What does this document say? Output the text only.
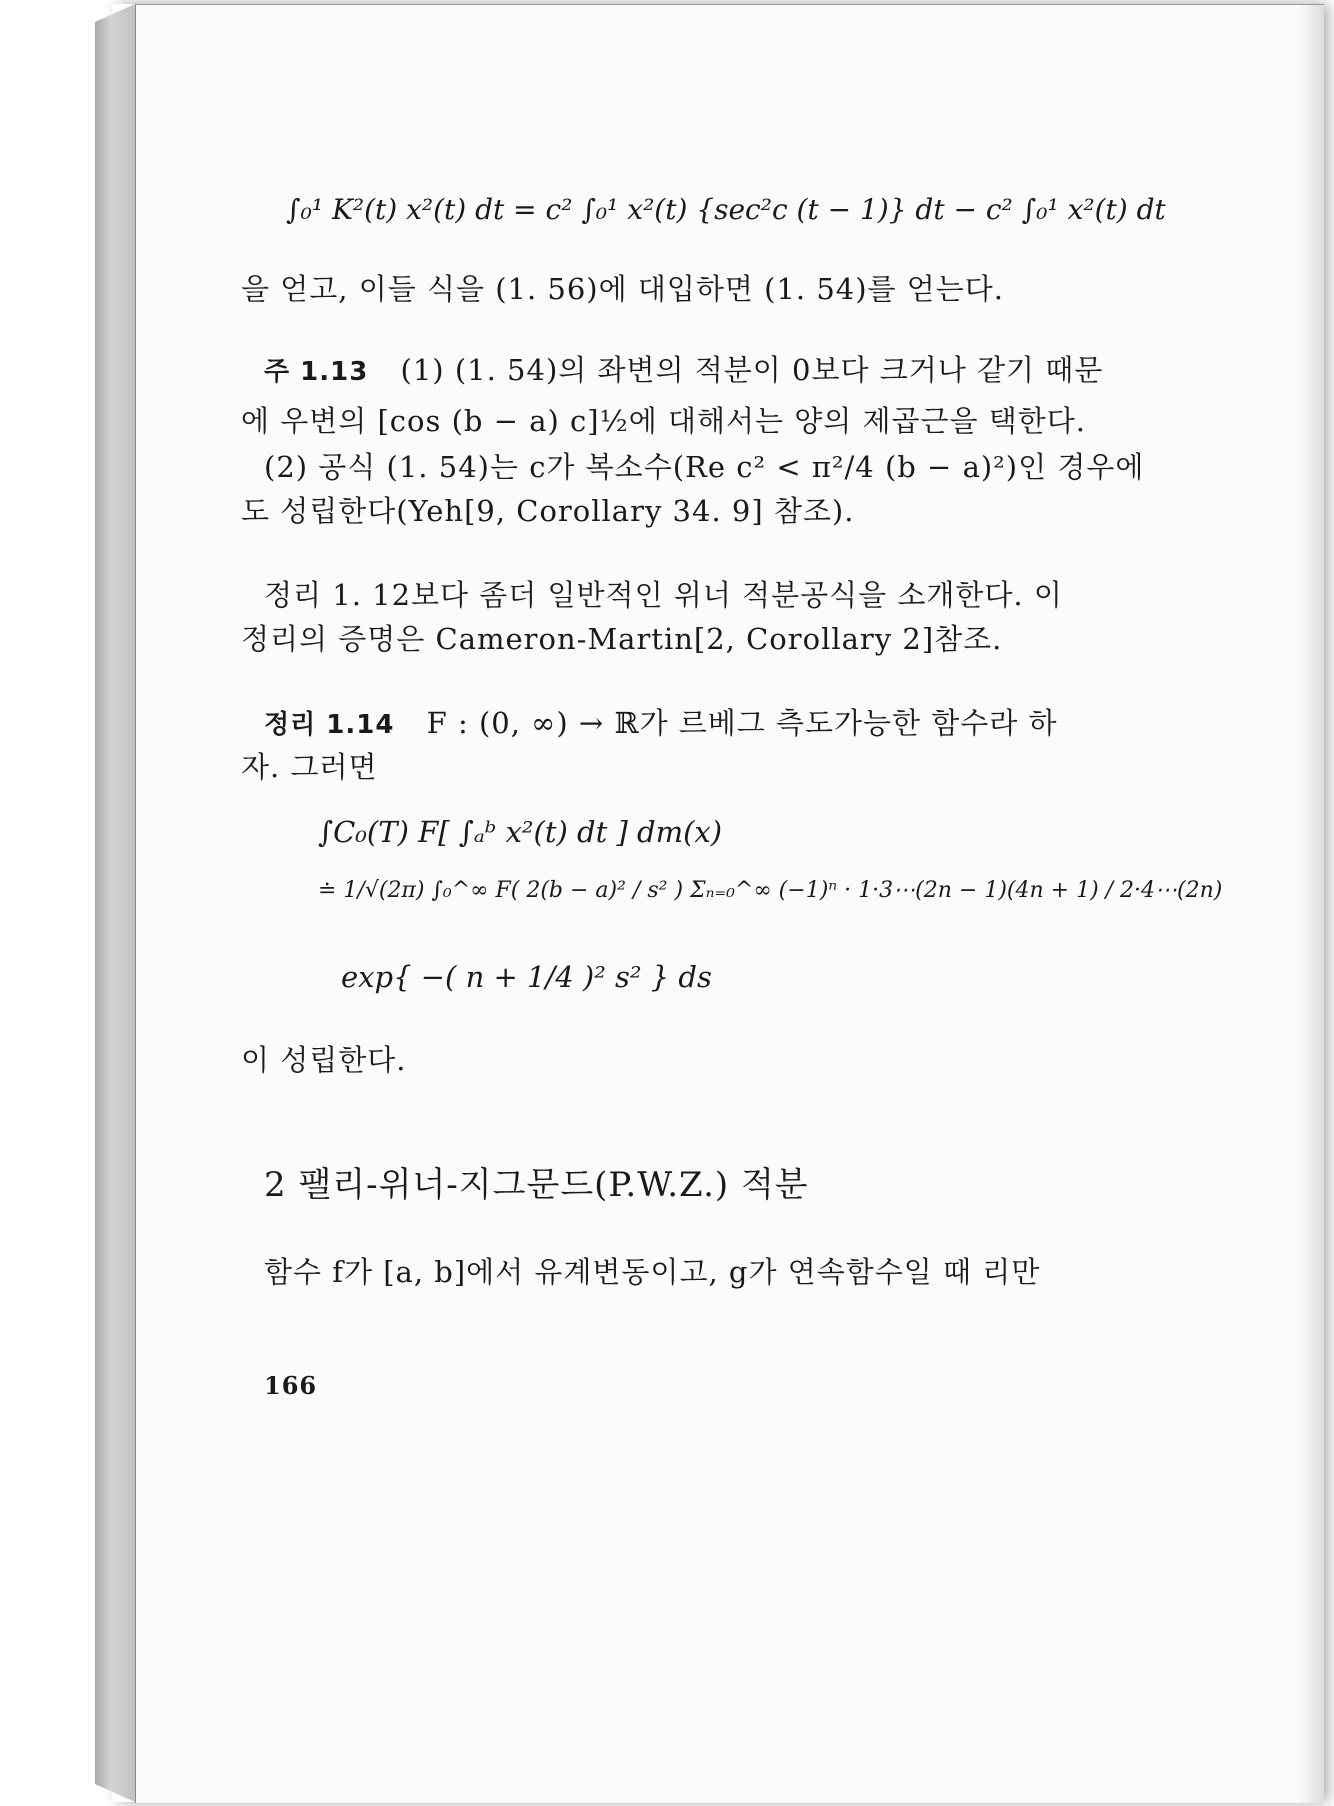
∫₀¹ K²(t) x²(t) dt = c² ∫₀¹ x²(t) {sec²c (t − 1)} dt − c² ∫₀¹ x²(t) dt
을 얻고, 이들 식을 (1. 56)에 대입하면 (1. 54)를 얻는다.
주 1.13 (1) (1. 54)의 좌변의 적분이 0보다 크거나 같기 때문
에 우변의 [cos (b − a) c]½에 대해서는 양의 제곱근을 택한다.
(2) 공식 (1. 54)는 c가 복소수(Re c² < π²/4 (b − a)²)인 경우에
도 성립한다(Yeh[9, Corollary 34. 9] 참조).
정리 1. 12보다 좀더 일반적인 위너 적분공식을 소개한다. 이
정리의 증명은 Cameron-Martin[2, Corollary 2]참조.
정리 1.14 F : (0, ∞) → ℝ가 르베그 측도가능한 함수라 하
자. 그러면
∫C₀(T) F[ ∫ₐᵇ x²(t) dt ] dm(x)
≐ 1/√(2π) ∫₀^∞ F( 2(b − a)² / s² ) Σₙ₌₀^∞ (−1)ⁿ · 1·3⋯(2n − 1)(4n + 1) / 2·4⋯(2n)
exp{ −( n + 1/4 )² s² } ds
이 성립한다.
2 팰리-위너-지그문드(P.W.Z.) 적분
함수 f가 [a, b]에서 유계변동이고, g가 연속함수일 때 리만
166
